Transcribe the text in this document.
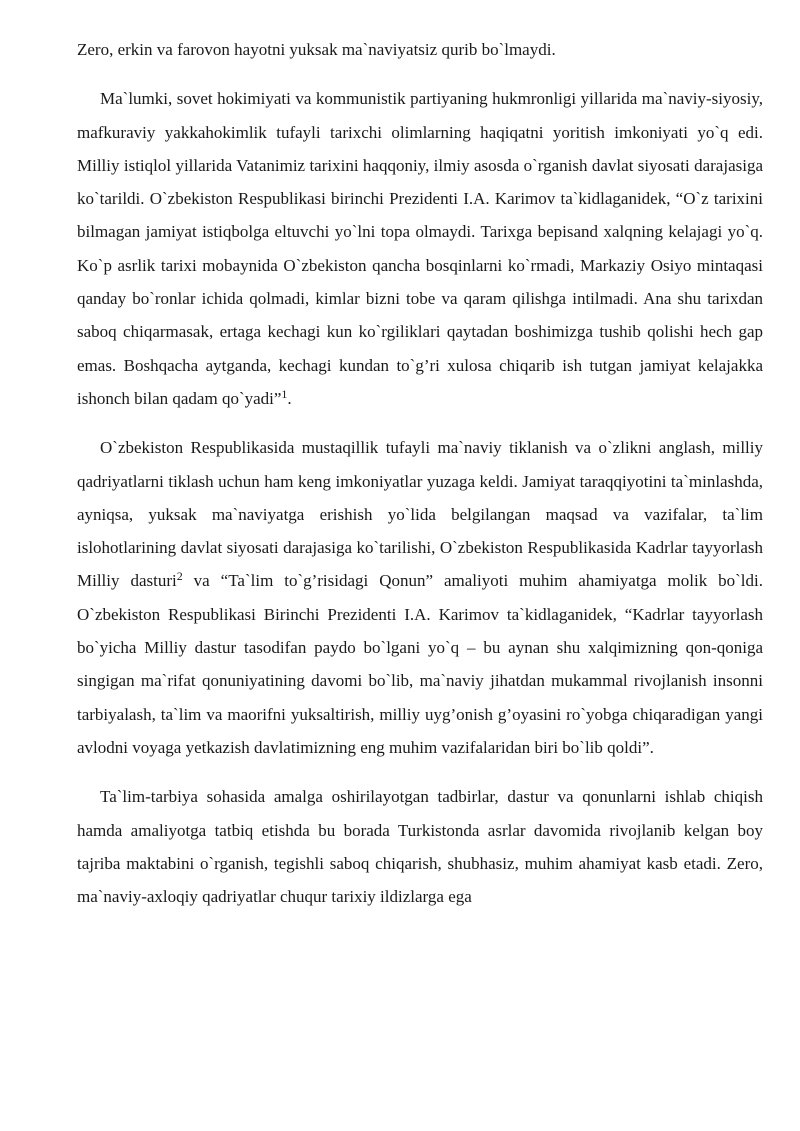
Zero, erkin va farovon hayotni yuksak ma`naviyatsiz qurib bo`lmaydi.

Ma`lumki, sovet hokimiyati va kommunistik partiyaning hukmronligi yillarida ma`naviy-siyosiy, mafkuraviy yakkahokimlik tufayli tarixchi olimlarning haqiqatni yoritish imkoniyati yo`q edi. Milliy istiqlol yillarida Vatanimiz tarixini haqqoniy, ilmiy asosda o`rganish davlat siyosati darajasiga ko`tarildi. O`zbekiston Respublikasi birinchi Prezidenti I.A. Karimov ta`kidlaganidek, “O`z tarixini bilmagan jamiyat istiqbolga eltuvchi yo`lni topa olmaydi. Tarixga bepisand xalqning kelajagi yo`q. Ko`p asrlik tarixi mobaynida O`zbekiston qancha bosqinlarni ko`rmadi, Markaziy Osiyo mintaqasi qanday bo`ronlar ichida qolmadi, kimlar bizni tobe va qaram qilishga intilmadi. Ana shu tarixdan saboq chiqarmasak, ertaga kechagi kun ko`rgiliklari qaytadan boshimizga tushib qolishi hech gap emas. Boshqacha aytganda, kechagi kundan to`g’ri xulosa chiqarib ish tutgan jamiyat kelajakka ishonch bilan qadam qo`yadi”$^1$.

O`zbekiston Respublikasida mustaqillik tufayli ma`naviy tiklanish va o`zlikni anglash, milliy qadriyatlarni tiklash uchun ham keng imkoniyatlar yuzaga keldi. Jamiyat taraqqiyotini ta`minlashda, ayniqsa, yuksak ma`naviyatga erishish yo`lida belgilangan maqsad va vazifalar, ta`lim islohotlarining davlat siyosati darajasiga ko`tarilishi, O`zbekiston Respublikasida Kadrlar tayyorlash Milliy dasturi$^2$ va “Ta`lim to`g’risidagi Qonun” amaliyoti muhim ahamiyatga molik bo`ldi. O`zbekiston Respublikasi Birinchi Prezidenti I.A. Karimov ta`kidlaganidek, “Kadrlar tayyorlash bo`yicha Milliy dastur tasodifan paydo bo`lgani yo`q – bu aynan shu xalqimizning qon-qoniga singigan ma`rifat qonuniyatining davomi bo`lib, ma`naviy jihatdan mukammal rivojlanish insonni tarbiyalash, ta`lim va maorifni yuksaltirish, milliy uyg’onish g’oyasini ro`yobga chiqaradigan yangi avlodni voyaga yetkazish davlatimizning eng muhim vazifalaridan biri bo`lib qoldi”.

Ta`lim-tarbiya sohasida amalga oshirilayotgan tadbirlar, dastur va qonunlarni ishlab chiqish hamda amaliyotga tatbiq etishda bu borada Turkistonda asrlar davomida rivojlanib kelgan boy tajriba maktabini o`rganish, tegishli saboq chiqarish, shubhasiz, muhim ahamiyat kasb etadi. Zero, ma`naviy-axloqiy qadriyatlar chuqur tarixiy ildizlarga ega
